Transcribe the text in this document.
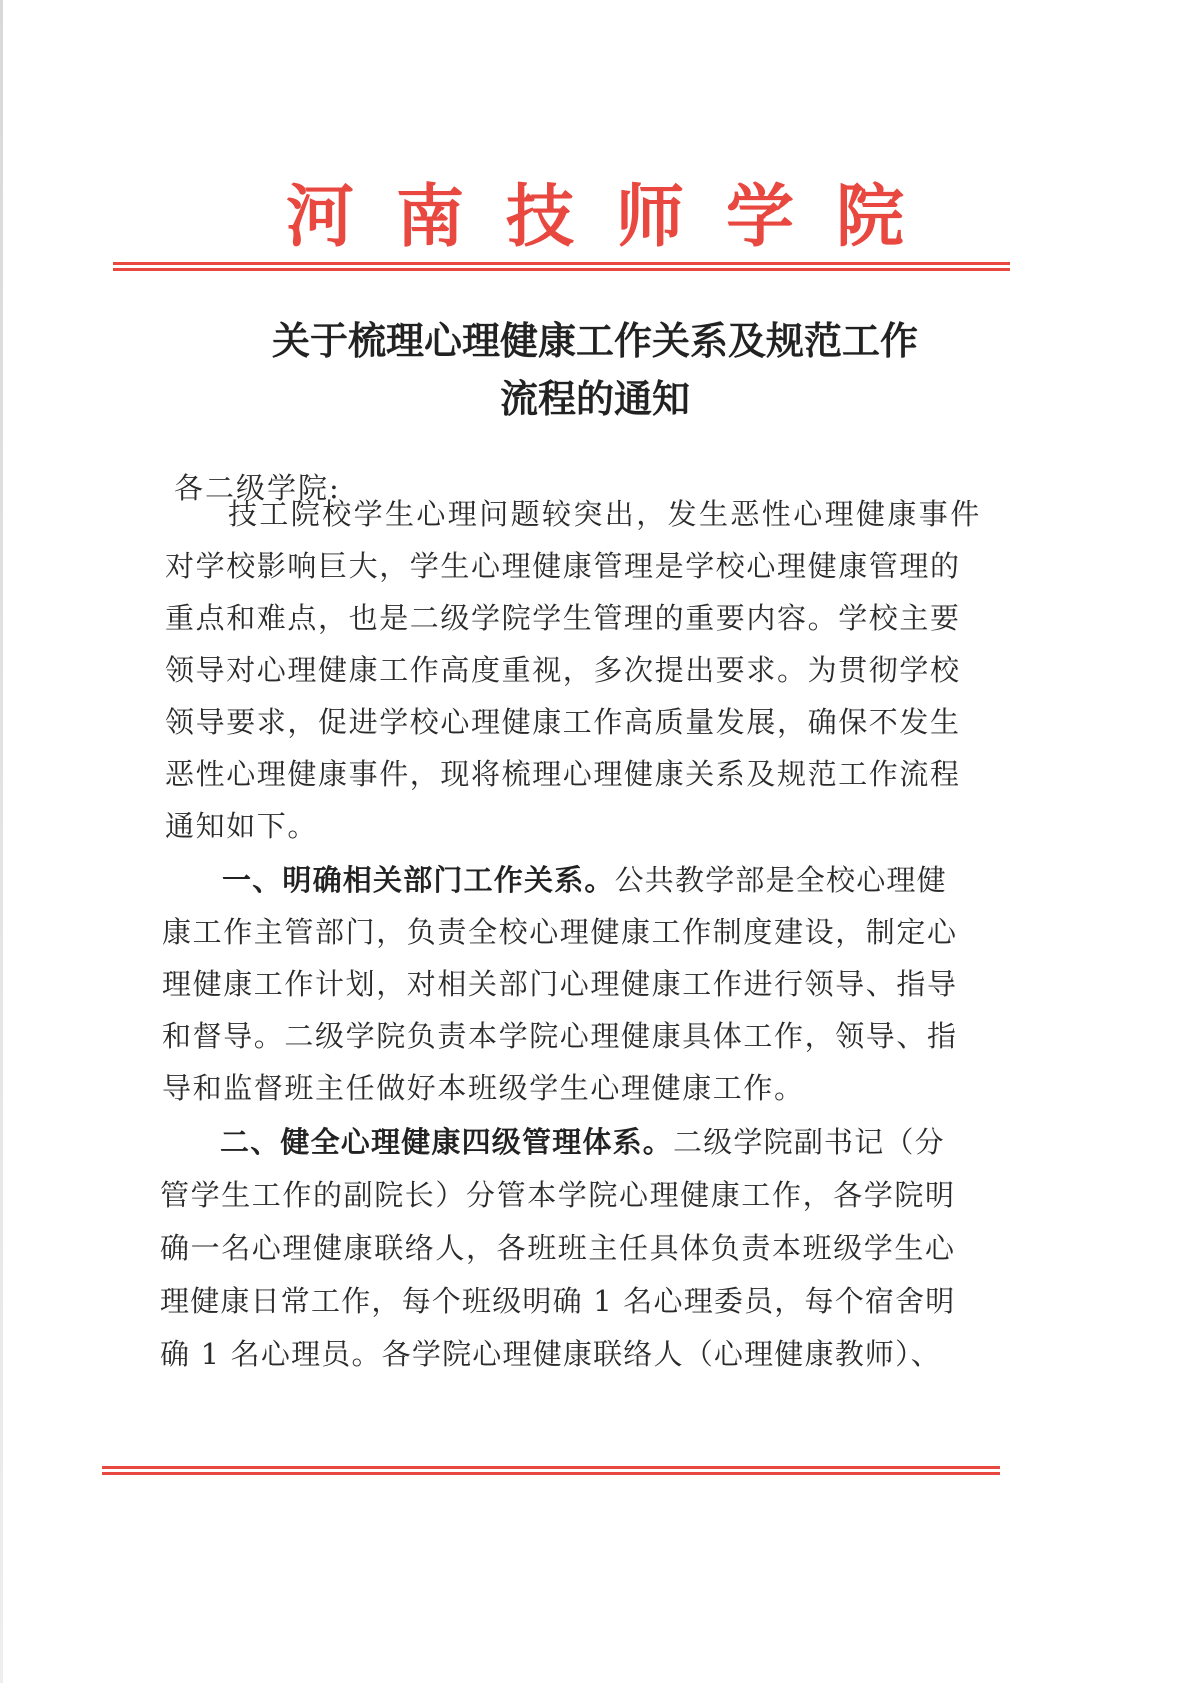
河南技师学院
关于梳理心理健康工作关系及规范工作
流程的通知
各二级学院:
技工院校学生心理问题较突出，发生恶性心理健康事件
对学校影响巨大，学生心理健康管理是学校心理健康管理的
重点和难点，也是二级学院学生管理的重要内容。学校主要
领导对心理健康工作高度重视，多次提出要求。为贯彻学校
领导要求，促进学校心理健康工作高质量发展，确保不发生
恶性心理健康事件，现将梳理心理健康关系及规范工作流程
通知如下。
一、明确相关部门工作关系。公共教学部是全校心理健
康工作主管部门，负责全校心理健康工作制度建设，制定心
理健康工作计划，对相关部门心理健康工作进行领导、指导
和督导。二级学院负责本学院心理健康具体工作，领导、指
导和监督班主任做好本班级学生心理健康工作。
二、健全心理健康四级管理体系。二级学院副书记（分
管学生工作的副院长）分管本学院心理健康工作，各学院明
确一名心理健康联络人，各班班主任具体负责本班级学生心
理健康日常工作，每个班级明确 1 名心理委员，每个宿舍明
确 1 名心理员。各学院心理健康联络人（心理健康教师）、
